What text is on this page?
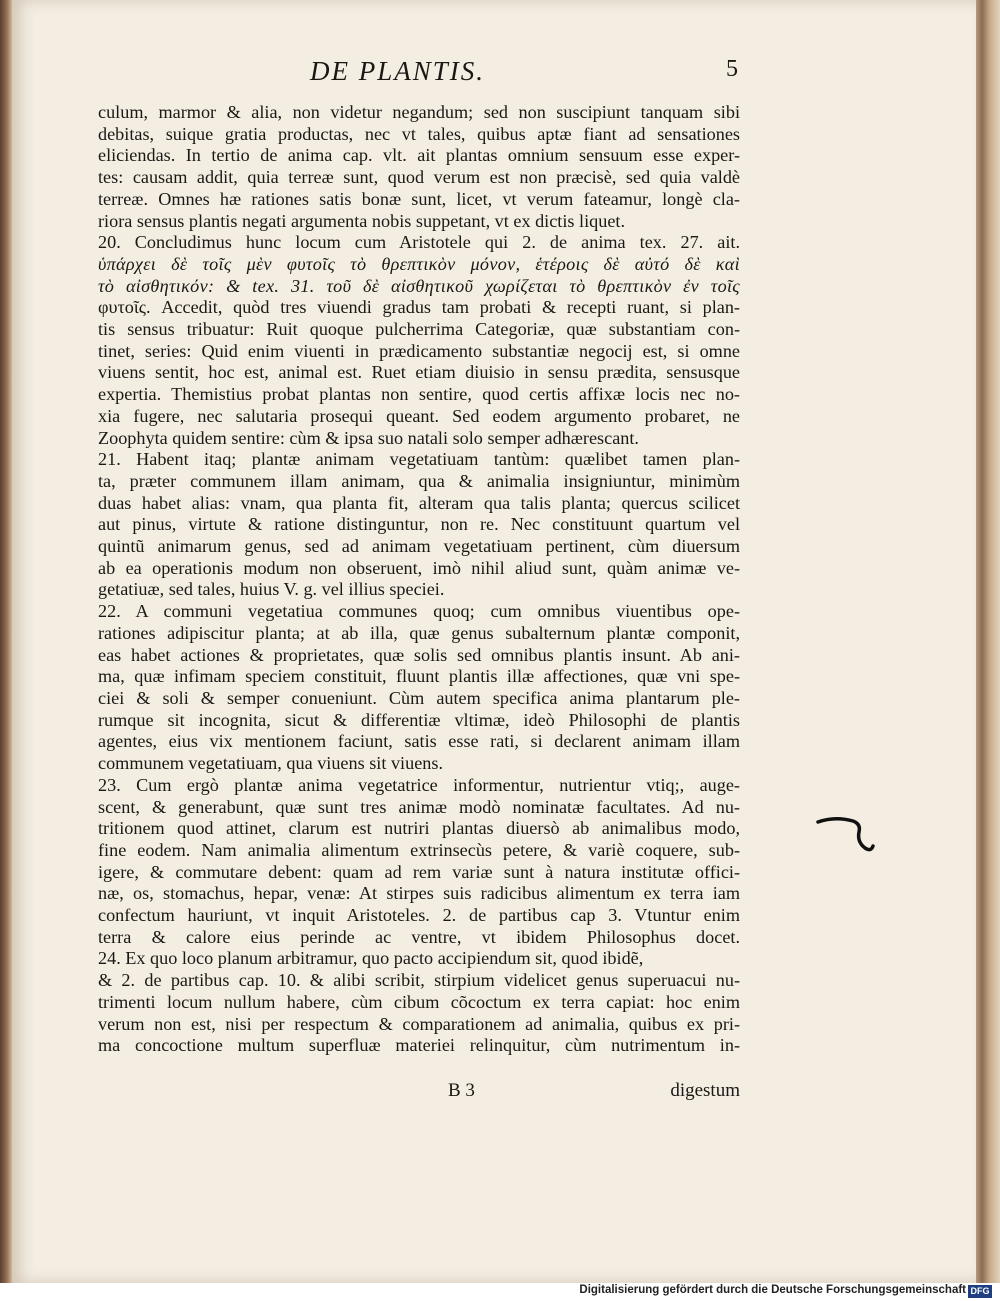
DE PLANTIS.	5
culum, marmor & alia, non videtur negandum; sed non suscipiunt tanquam sibi
debitas, suique gratia productas, nec vt tales, quibus aptæ fiant ad sensationes
eliciendas. In tertio de anima cap. vlt. ait plantas omnium sensuum esse exper-
tes: causam addit, quia terreæ sunt, quod verum est non præcisè, sed quia valdè
terreæ. Omnes hæ rationes satis bonæ sunt, licet, vt verum fateamur, longè cla-
riora sensus plantis negati argumenta nobis suppetant, vt ex dictis liquet.
20. Concludimus hunc locum cum Aristotele qui 2. de anima tex. 27. ait.
ὑπάρχει δὲ τοῖς μὲν φυτοῖς τὸ θρεπτικὸν μόνον, ἑτέροις δὲ αὐτό δὲ καὶ
τὸ αἰσθητικόν: & tex. 31. τοῦ δὲ αἰσθητικοῦ χωρίζεται τὸ θρεπτικὸν ἐν τοῖς
φυτοῖς. Accedit, quòd tres viuendi gradus tam probati & recepti ruant, si plan-
tis sensus tribuatur: Ruit quoque pulcherrima Categoriæ, quæ substantiam con-
tinet, series: Quid enim viuenti in prædicamento substantiæ negocij est, si omne
viuens sentit, hoc est, animal est. Ruet etiam diuisio in sensu prædita, sensusque
expertia. Themistius probat plantas non sentire, quod certis affixæ locis nec no-
xia fugere, nec salutaria prosequi queant. Sed eodem argumento probaret, ne
Zoophyta quidem sentire: cùm & ipsa suo natali solo semper adhærescant.
21. Habent itaq; plantæ animam vegetatiuam tantùm: quælibet tamen plan-
ta, præter communem illam animam, qua & animalia insigniuntur, minimùm
duas habet alias: vnam, qua planta fit, alteram qua talis planta; quercus scilicet
aut pinus, virtute & ratione distinguntur, non re. Nec constituunt quartum vel
quintũ animarum genus, sed ad animam vegetatiuam pertinent, cùm diuersum
ab ea operationis modum non obseruent, imò nihil aliud sunt, quàm animæ ve-
getatiuæ, sed tales, huius V. g. vel illius speciei.
22. A communi vegetatiua communes quoq; cum omnibus viuentibus ope-
rationes adipiscitur planta; at ab illa, quæ genus subalternum plantæ componit,
eas habet actiones & proprietates, quæ solis sed omnibus plantis insunt. Ab ani-
ma, quæ infimam speciem constituit, fluunt plantis illæ affectiones, quæ vni spe-
ciei & soli & semper conueniunt. Cùm autem specifica anima plantarum ple-
rumque sit incognita, sicut & differentiæ vltimæ, ideò Philosophi de plantis
agentes, eius vix mentionem faciunt, satis esse rati, si declarent animam illam
communem vegetatiuam, qua viuens sit viuens.
23. Cum ergò plantæ anima vegetatrice informentur, nutrientur vtiq;, auge-
scent, & generabunt, quæ sunt tres animæ modò nominatæ facultates. Ad nu-
tritionem quod attinet, clarum est nutriri plantas diuersò ab animalibus modo,
fine eodem. Nam animalia alimentum extrinsecùs petere, & variè coquere, sub-
igere, & commutare debent: quam ad rem variæ sunt à natura institutæ offici-
næ, os, stomachus, hepar, venæ: At stirpes suis radicibus alimentum ex terra iam
confectum hauriunt, vt inquit Aristoteles. 2. de partibus cap 3. Vtuntur enim
terra & calore eius perinde ac ventre, vt ibidem Philosophus docet.
24. Ex quo loco planum arbitramur, quo pacto accipiendum sit, quod ibidẽ,
& 2. de partibus cap. 10. & alibi scribit, stirpium videlicet genus superuacui nu-
trimenti locum nullum habere, cùm cibum cõcoctum ex terra capiat: hoc enim
verum non est, nisi per respectum & comparationem ad animalia, quibus ex pri-
ma concoctione multum superfluæ materiei relinquitur, cùm nutrimentum in-
B 3	digestum
Digitalisierung gefördert durch die Deutsche Forschungsgemeinschaft DFG
